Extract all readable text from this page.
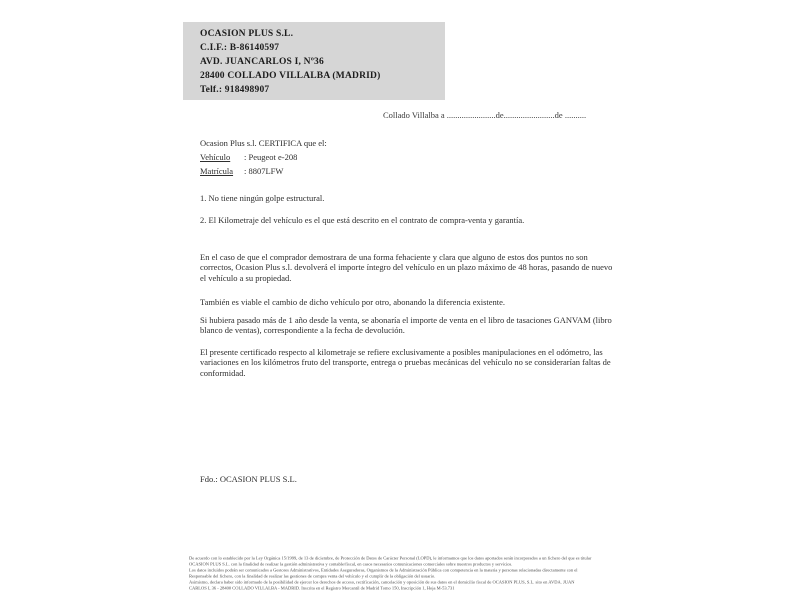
OCASION PLUS S.L.
C.I.F.: B-86140597
AVD. JUANCARLOS I, Nº36
28400 COLLADO VILLALBA (MADRID)
Telf.: 918498907
Collado Villalba a .......................de........................de ..........
Ocasion Plus s.l. CERTIFICA que el:
Vehículo : Peugeot e-208
Matrícula : 8807LFW
1. No tiene ningún golpe estructural.
2. El Kilometraje del vehículo es el que está descrito en el contrato de compra-venta y garantía.
En el caso de que el comprador demostrara de una forma fehaciente y clara que alguno de estos dos puntos no son correctos, Ocasion Plus s.l. devolverá el importe íntegro del vehículo en un plazo máximo de 48 horas, pasando de nuevo el vehículo a su propiedad.
También es viable el cambio de dicho vehículo por otro, abonando la diferencia existente.
Si hubiera pasado más de 1 año desde la venta, se abonaría el importe de venta en el libro de tasaciones GANVAM (libro blanco de ventas), correspondiente a la fecha de devolución.
El presente certificado respecto al kilometraje se refiere exclusivamente a posibles manipulaciones en el odómetro, las variaciones en los kilómetros fruto del transporte, entrega o pruebas mecánicas del vehículo no se considerarían faltas de conformidad.
Fdo.: OCASION PLUS S.L.
De acuerdo con lo establecido por la Ley Orgánica 15/1999, de 13 de diciembre, de Protección de Datos de Carácter Personal (LOPD), le informamos que los datos aportados serán incorporados a un fichero del que es titular
OCASION PLUS S.L. con la finalidad de realizar la gestión administrativa y contable/fiscal, en casos necesarios comunicaciones comerciales sobre nuestros productos y servicios.
Los datos incluidos podrán ser comunicados a Gestores Administrativos, Entidades Aseguradoras, Organismos de la Administración Pública con competencia en la materia y personas relacionadas directamente con el
Responsable del fichero, con la finalidad de realizar las gestiones de compra venta del vehículo y el cumplir de la obligación del usuario.
Asimismo, declara haber sido informado de la posibilidad de ejercer los derechos de acceso, rectificación, cancelación y oposición de sus datos en el domicilio fiscal de OCASION PLUS, S.L. sito en AVDA. JUAN
CARLOS I, 36 - 28400 COLLADO VILLALBA - MADRID. Inscrita en el Registro Mercantil de Madrid Tomo 150, Inscripción 1, Hoja M-53.731
